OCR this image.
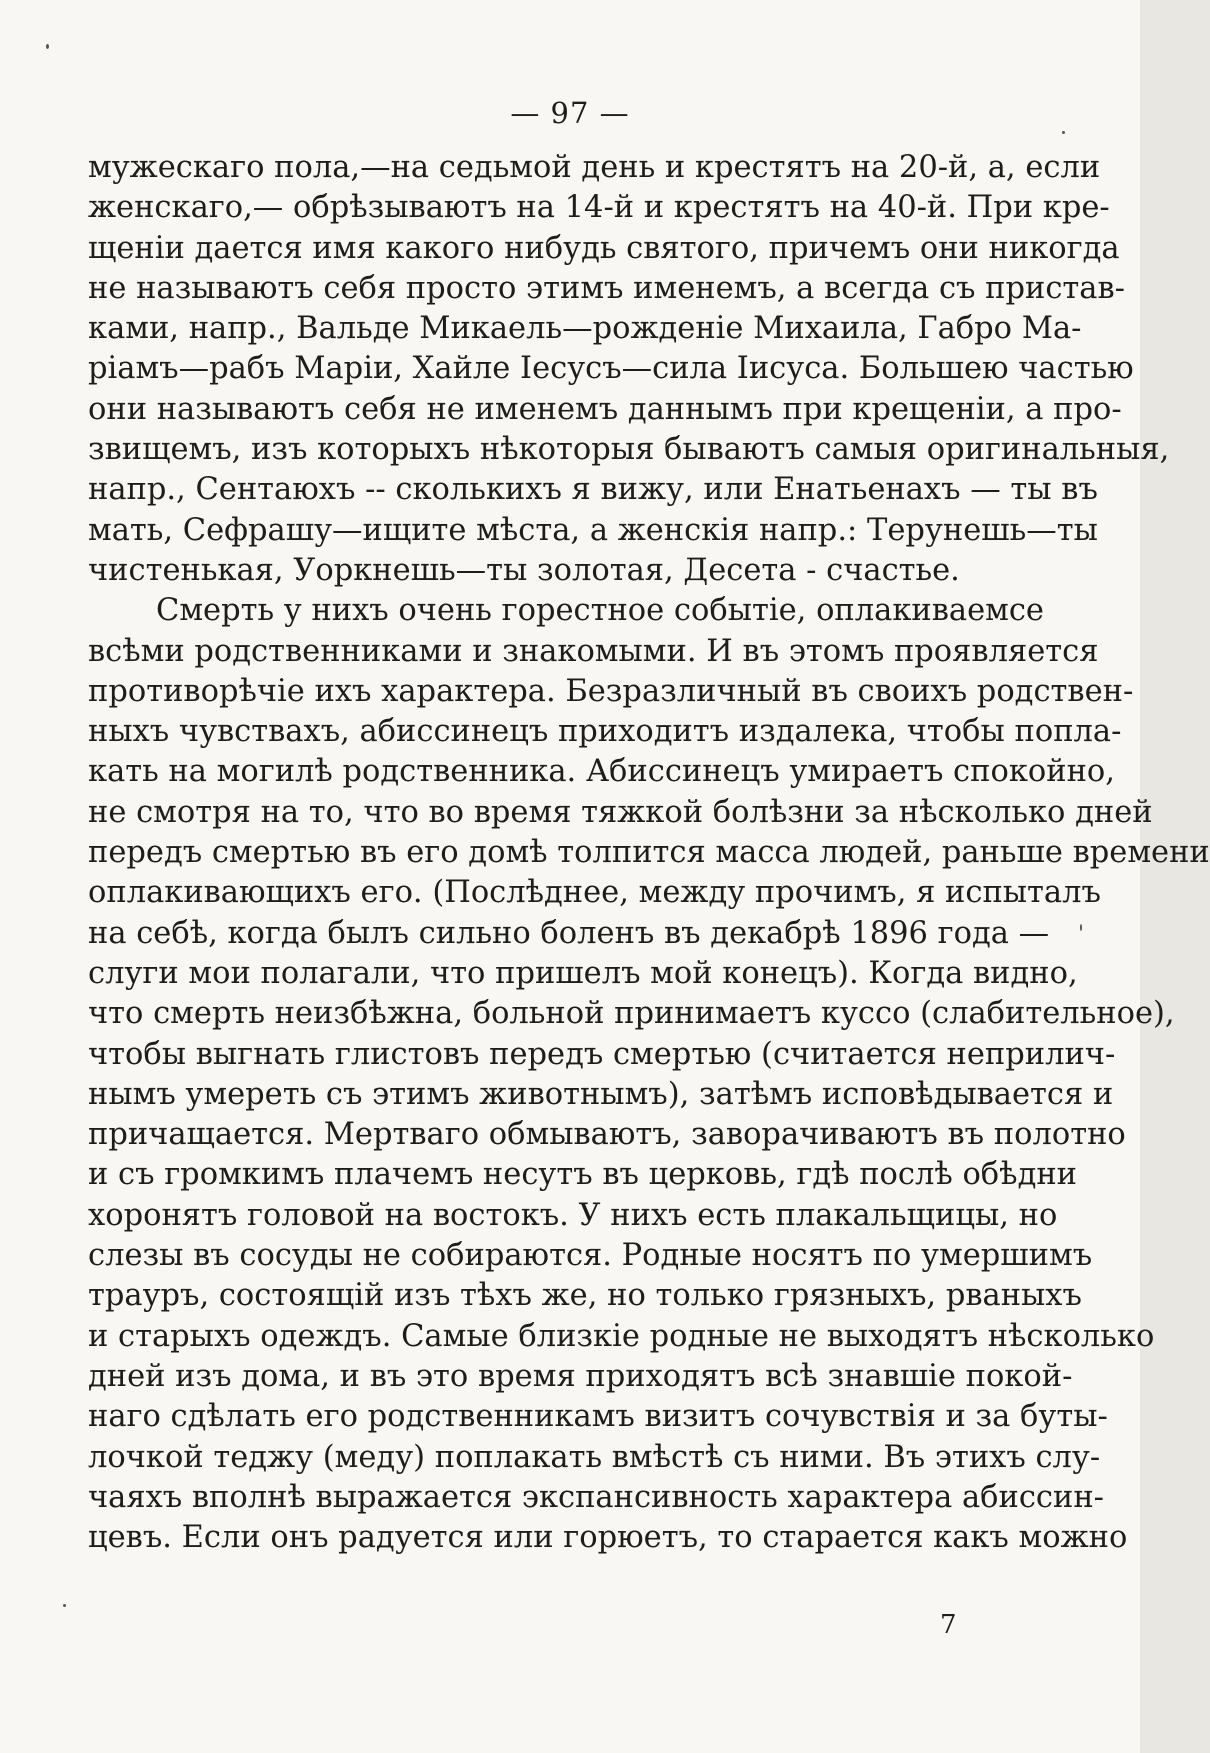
— 97 —
мужескаго пола,—на седьмой день и крестятъ на 20-й, а, если
женскаго,— обрѣзываютъ на 14-й и крестятъ на 40-й. При кре-
щеніи дается имя какого нибудь святого, причемъ они никогда
не называютъ себя просто этимъ именемъ, а всегда съ пристав-
ками, напр., Вальде Микаель—рожденіе Михаила, Габро Ма-
ріамъ—рабъ Маріи, Хайле Іесусъ—сила Іисуса. Большею частью
они называютъ себя не именемъ даннымъ при крещеніи, а про-
звищемъ, изъ которыхъ нѣкоторыя бываютъ самыя оригинальныя,
напр., Сентаюхъ -- сколькихъ я вижу, или Енатьенахъ — ты въ
мать, Сефрашу—ищите мѣста, а женскія напр.: Терунешь—ты
чистенькая, Уоркнешь—ты золотая, Десета - счастье.
Смерть у нихъ очень горестное событіе, оплакиваемсе
всѣми родственниками и знакомыми. И въ этомъ проявляется
противорѣчіе ихъ характера. Безразличный въ своихъ родствен-
ныхъ чувствахъ, абиссинецъ приходитъ издалека, чтобы попла-
кать на могилѣ родственника. Абиссинецъ умираетъ спокойно,
не смотря на то, что во время тяжкой болѣзни за нѣсколько дней
передъ смертью въ его домѣ толпится масса людей, раньше времени
оплакивающихъ его. (Послѣднее, между прочимъ, я испыталъ
на себѣ, когда былъ сильно боленъ въ декабрѣ 1896 года —
слуги мои полагали, что пришелъ мой конецъ). Когда видно,
что смерть неизбѣжна, больной принимаетъ куссо (слабительное),
чтобы выгнать глистовъ передъ смертью (считается неприлич-
нымъ умереть съ этимъ животнымъ), затѣмъ исповѣдывается и
причащается. Мертваго обмываютъ, заворачиваютъ въ полотно
и съ громкимъ плачемъ несутъ въ церковь, гдѣ послѣ обѣдни
хоронятъ головой на востокъ. У нихъ есть плакальщицы, но
слезы въ сосуды не собираются. Родные носятъ по умершимъ
трауръ, состоящій изъ тѣхъ же, но только грязныхъ, рваныхъ
и старыхъ одеждъ. Самые близкіе родные не выходятъ нѣсколько
дней изъ дома, и въ это время приходятъ всѣ знавшіе покой-
наго сдѣлать его родственникамъ визитъ сочувствія и за буты-
лочкой теджу (меду) поплакать вмѣстѣ съ ними. Въ этихъ слу-
чаяхъ вполнѣ выражается экспансивность характера абиссин-
цевъ. Если онъ радуется или горюетъ, то старается какъ можно
7
